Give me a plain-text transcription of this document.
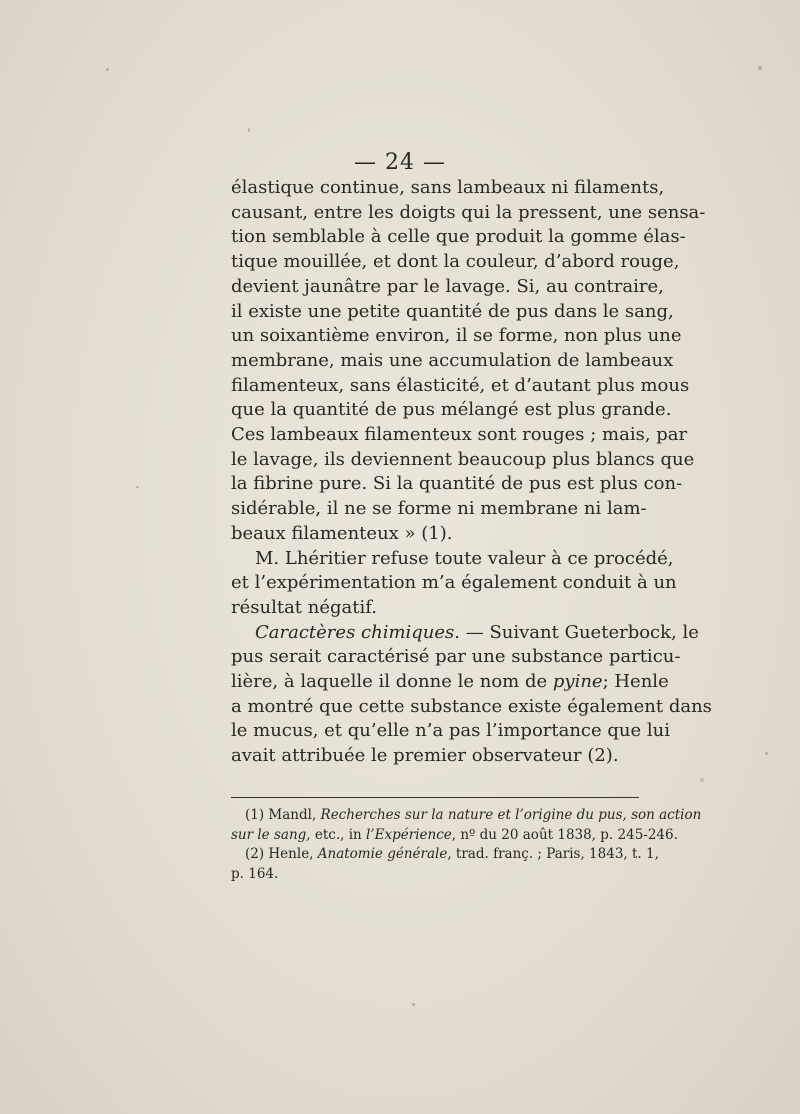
— 24 —
élastique continue, sans lambeaux ni filaments,
causant, entre les doigts qui la pressent, une sensa-
tion semblable à celle que produit la gomme élas-
tique mouillée, et dont la couleur, d’abord rouge,
devient jaunâtre par le lavage. Si, au contraire,
il existe une petite quantité de pus dans le sang,
un soixantième environ, il se forme, non plus une
membrane, mais une accumulation de lambeaux
filamenteux, sans élasticité, et d’autant plus mous
que la quantité de pus mélangé est plus grande.
Ces lambeaux filamenteux sont rouges ; mais, par
le lavage, ils deviennent beaucoup plus blancs que
la fibrine pure. Si la quantité de pus est plus con-
sidérable, il ne se forme ni membrane ni lam-
beaux filamenteux » (1).
M. Lhéritier refuse toute valeur à ce procédé,
et l’expérimentation m’a également conduit à un
résultat négatif.
Caractères chimiques. — Suivant Gueterbock, le
pus serait caractérisé par une substance particu-
lière, à laquelle il donne le nom de pyine; Henle
a montré que cette substance existe également dans
le mucus, et qu’elle n’a pas l’importance que lui
avait attribuée le premier observateur (2).
(1) Mandl, Recherches sur la nature et l’origine du pus, son action
sur le sang, etc., in l’Expérience, nº du 20 août 1838, p. 245-246.
(2) Henle, Anatomie générale, trad. franç. ; Paris, 1843, t. 1,
p. 164.
